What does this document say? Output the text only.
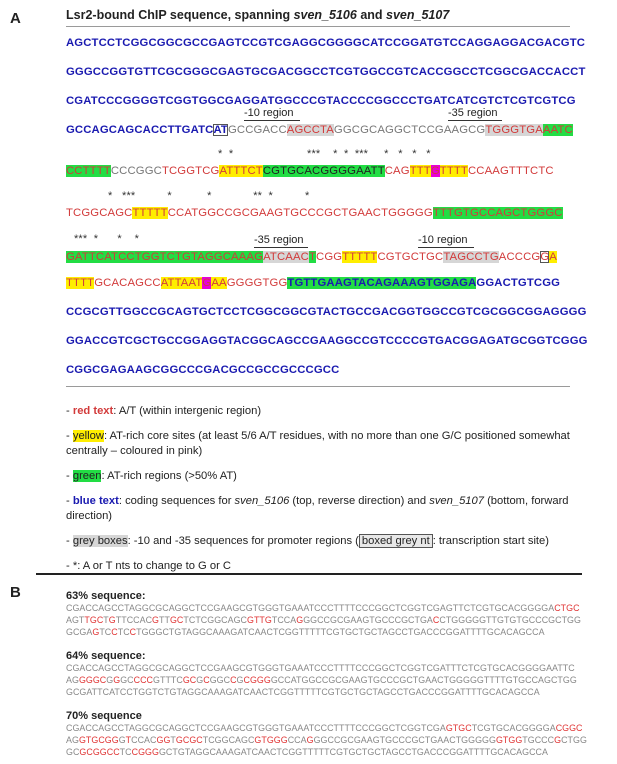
A	Lsr2-bound ChIP sequence, spanning sven_5106 and sven_5107
AGCTCCTCGGCGGCGCCGAGTCCGTCGAGGCGGGGCATCCGGATGTCCAGGAGGACGACGTC
GGGCCGGTGTTCGCGGGCGAGTGCGACGGCCTCGTGGCCGTCACCGGCCTCGGCGACCACCT
CGATCCCGGGGTCGGTGGCGAGGATGGCCCGTACCCCGGCCCTGATCATCGTCTCGTCGTCG
-10 region	-35 region
GCCAGCAGCACCTTGATCATGCCGACCAGCCTAGGCGCAGGCTCCGAAGCGTGGGTGAAATC
*  *                       ***    *  *  ***     *   *   *   *
CCTTTTCCCGGCTCGGTCGATTTCTCGTGCACGGGGAATTCAGTTTGTTTTCCAAGTTTCTC
*   ***          *           *             **  *          *
TCGGCAGCTTTTTCCATGGCCGCGAAGTGCCCGCTGAACTGGGGGTTTGTGCCAGCTGGGC
***  *      *    *	-35 region	-10 region
GATTCATCCTGGTCTGTAGGCAAAGATCAACTCGGTTTTTCGTGCTGCTAGCCTGACCCGGA
TTTTGCACAGCCATTAATGAAGGGGTGGTGTTGAAGTACAGAAAGTGGAGAGGACTGTCGG
CCGCGTTGGCCGCAGTGCTCCTCGGCGGCGTACTGCCGACGGTGGCCGTCGCGGCGGAGGGG
GGACCGTCGCTGCCGGAGGTACGGCAGCCGAAGGCCGTCCCCGTGACGGAGATGCGGTCGGG
CGGCGAGAAGCGGCCCGACGCCGCCGCCCGCC
- red text: A/T (within intergenic region)
- yellow: AT-rich core sites (at least 5/6 A/T residues, with no more than one G/C positioned somewhat centrally – coloured in pink)
- green: AT-rich regions (>50% AT)
- blue text: coding sequences for sven_5106 (top, reverse direction) and sven_5107 (bottom, forward direction)
- grey boxes: -10 and -35 sequences for promoter regions ( boxed grey nt : transcription start site)
- *: A or T nts to change to G or C
B	63% sequence:
CGACCAGCCTAGGCGCAGGCTCCGAAGCGTGGGTGAAATCCCTTTTCCCGGCTCGGTCGAGTTCTCGTGCACGGGGACTGC
AGTTGCTGTTCCACGTTGCTCTCGGCAGCGTTGTCCAGGGCCGCGAAGTGCCCGCTGACCTGGGGGTTGTGTGCCCGCTGG
GCGAGTCCTCCTGGGCTGTAGGCAAAGATCAACTCGGTTTTTCGTGCTGCTAGCCTGACCCGGATTTTGCACAGCCA
64% sequence:
CGACCAGCCTAGGCGCAGGCTCCGAAGCGTGGGTGAAATCCCTTTTCCCGGCTCGGTCGATTTCTCGTGCACGGGGAATTC
AGGGGCGGGCCCCGTTTCGCGCGGCCGCGGGGCCATGGCCGCGAAGTGCCCGCTGAACTGGGGGTTTTGTGCCAGCTGG
GCGATTCATCCTGGTCTGTAGGCAAAGATCAACTCGGTTTTTCGTGCTGCTAGCCTGACCCGGATTTTGCACAGCCA
70% sequence
CGACCAGCCTAGGCGCAGGCTCCGAAGCGTGGGTGAAATCCCTTTTCCCGGCTCGGTCGAGTGCTCGTGCACGGGGACGGC
AGGTGCGGGTCCACGGTGCGCTCGGCAGCGTGGGCCAGGGCCGCGAAGTGCCCGCTGAACTGGGGGGTGGTGCCCGCTGG
GCGCGGCCTCCGGGGCTGTAGGCAAAGATCAACTCGGTTTTTCGTGCTGCTAGCCTGACCCGGATTTTGCACAGCCA
